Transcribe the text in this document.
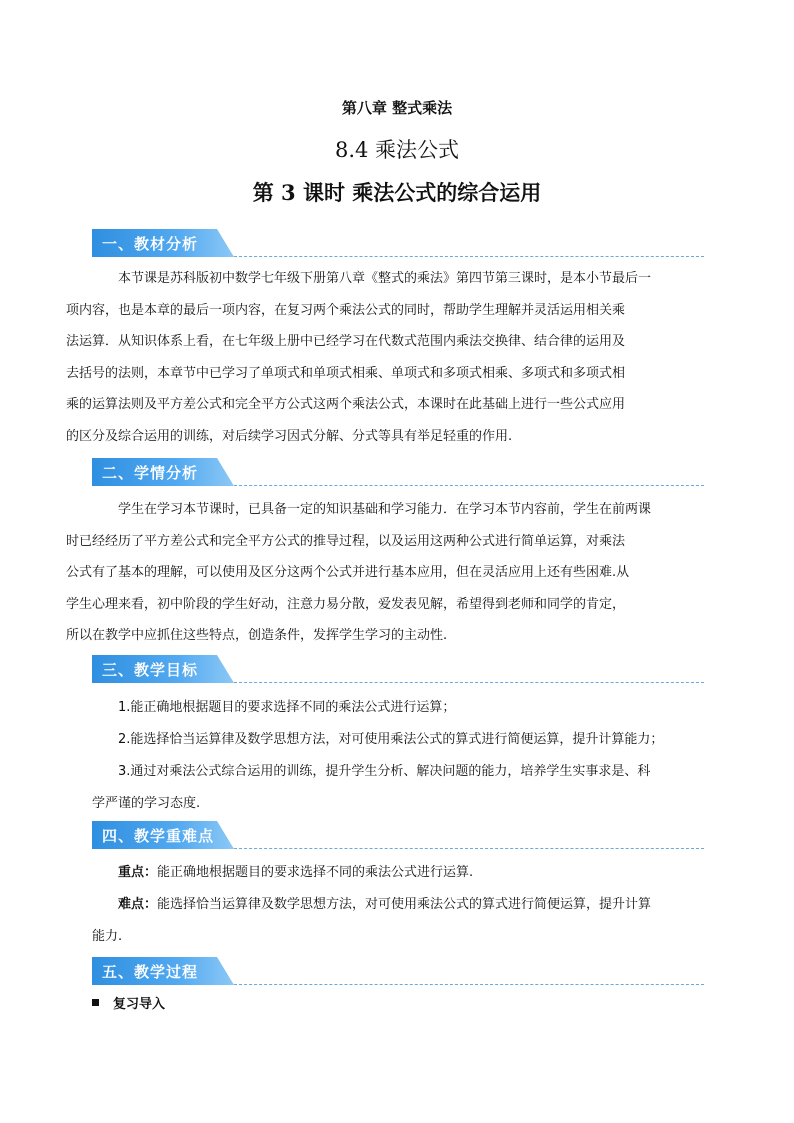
第八章 整式乘法
8.4 乘法公式
第 3 课时 乘法公式的综合运用
一、教材分析
本节课是苏科版初中数学七年级下册第八章《整式的乘法》第四节第三课时，是本小节最后一
项内容，也是本章的最后一项内容，在复习两个乘法公式的同时，帮助学生理解并灵活运用相关乘
法运算．从知识体系上看，在七年级上册中已经学习在代数式范围内乘法交换律、结合律的运用及
去括号的法则，本章节中已学习了单项式和单项式相乘、单项式和多项式相乘、多项式和多项式相
乘的运算法则及平方差公式和完全平方公式这两个乘法公式，本课时在此基础上进行一些公式应用
的区分及综合运用的训练，对后续学习因式分解、分式等具有举足轻重的作用.
二、学情分析
学生在学习本节课时，已具备一定的知识基础和学习能力．在学习本节内容前，学生在前两课
时已经经历了平方差公式和完全平方公式的推导过程，以及运用这两种公式进行简单运算，对乘法
公式有了基本的理解，可以使用及区分这两个公式并进行基本应用，但在灵活应用上还有些困难.从
学生心理来看，初中阶段的学生好动，注意力易分散，爱发表见解，希望得到老师和同学的肯定，
所以在教学中应抓住这些特点，创造条件，发挥学生学习的主动性.
三、教学目标
1.能正确地根据题目的要求选择不同的乘法公式进行运算；
2.能选择恰当运算律及数学思想方法，对可使用乘法公式的算式进行简便运算，提升计算能力；
3.通过对乘法公式综合运用的训练，提升学生分析、解决问题的能力，培养学生实事求是、科
学严谨的学习态度.
四、教学重难点
重点：能正确地根据题目的要求选择不同的乘法公式进行运算.
难点：能选择恰当运算律及数学思想方法，对可使用乘法公式的算式进行简便运算，提升计算
能力.
五、教学过程
复习导入
